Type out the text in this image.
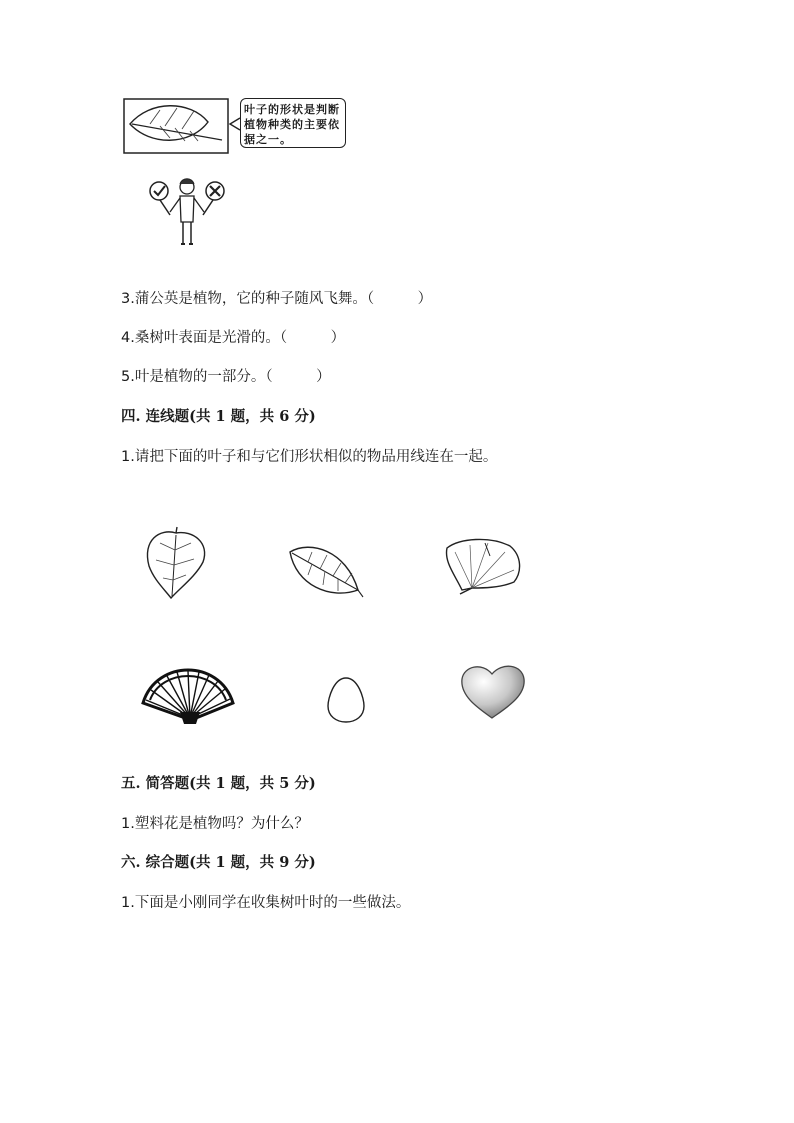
叶子的形状是判断植物种类的主要依据之一。
3.蒲公英是植物，它的种子随风飞舞。（　　　）
4.桑树叶表面是光滑的。（　　　）
5.叶是植物的一部分。（　　　）
四. 连线题(共 1 题，共 6 分)
1.请把下面的叶子和与它们形状相似的物品用线连在一起。
五. 简答题(共 1 题，共 5 分)
1.塑料花是植物吗？为什么？
六. 综合题(共 1 题，共 9 分)
1.下面是小刚同学在收集树叶时的一些做法。
